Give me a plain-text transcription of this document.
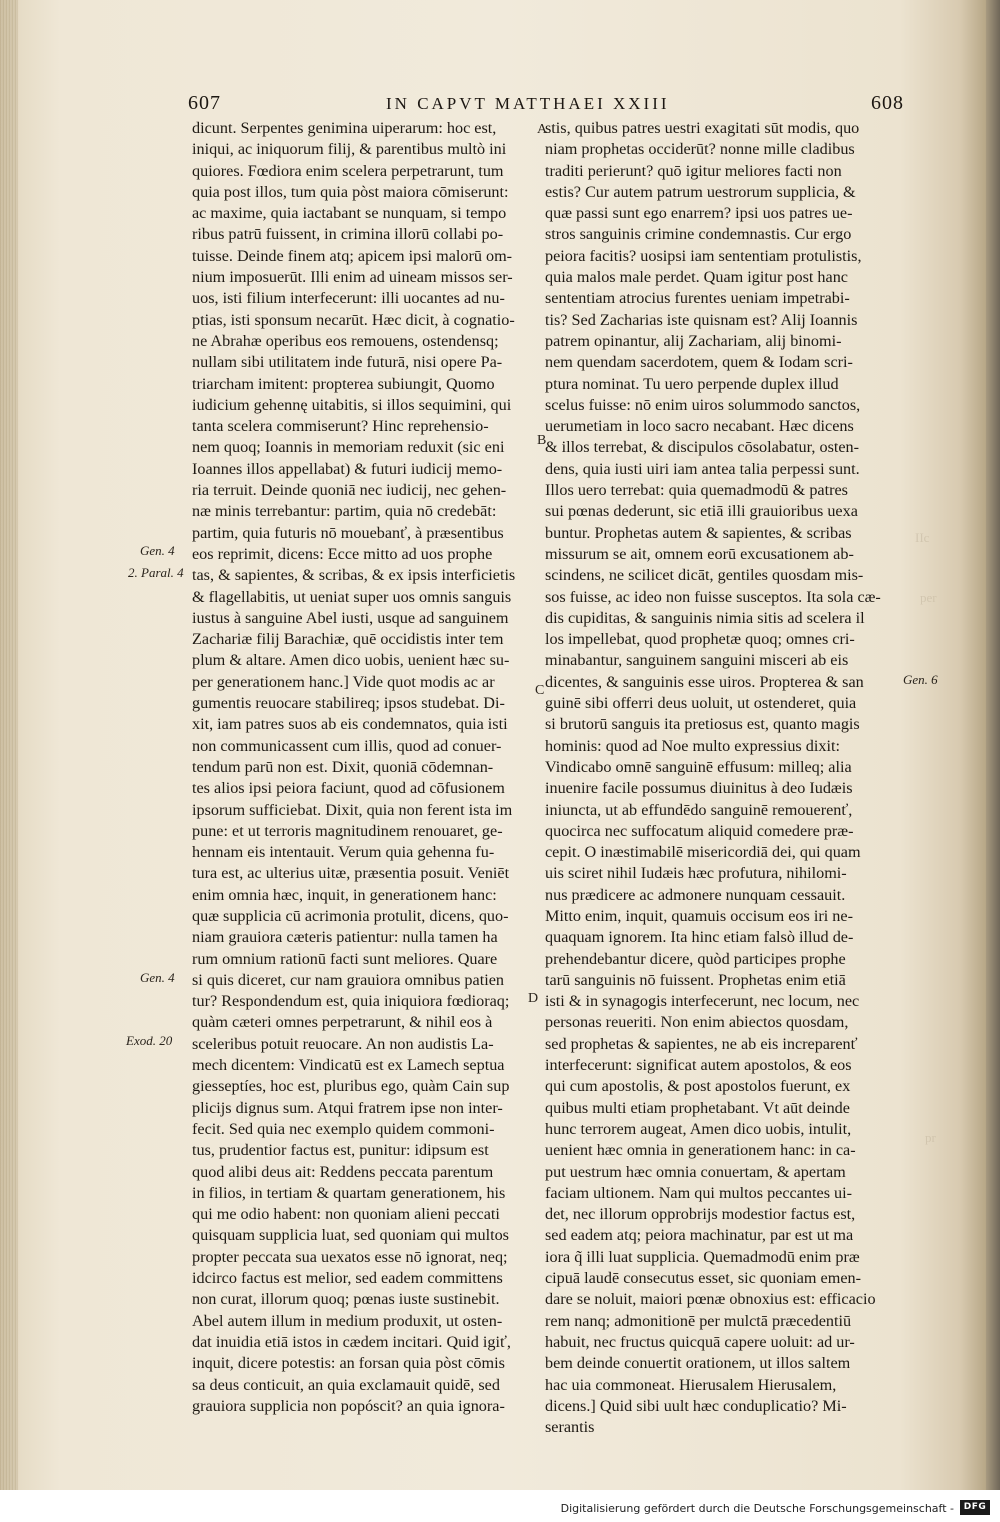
IIc
per
pr
607	IN CAPVT MATTHAEI XXIII	608
dicunt. Serpentes genimina uiperarum: hoc est,
iniqui, ac iniquorum filij, & parentibus multò ini
quiores. Fœdiora enim scelera perpetrarunt, tum
quia post illos, tum quia pòst maiora cōmiserunt:
ac maxime, quia iactabant se nunquam, si tempo
ribus patrū fuissent, in crimina illorū collabi po-
tuisse. Deinde finem atq; apicem ipsi malorū om-
nium imposuerūt. Illi enim ad uineam missos ser-
uos, isti filium interfecerunt: illi uocantes ad nu-
ptias, isti sponsum necarūt. Hæc dicit, à cognatio-
ne Abrahæ operibus eos remouens, ostendensq;
nullam sibi utilitatem inde futurā, nisi opere Pa-
triarcham imitent: propterea subiungit, Quomo
iudicium gehennę uitabitis, si illos sequimini, qui
tanta scelera commiserunt? Hinc reprehensio-
nem quoq; Ioannis in memoriam reduxit (sic eni
Ioannes illos appellabat) & futuri iudicij memo-
ria terruit. Deinde quoniā nec iudicij, nec gehen-
næ minis terrebantur: partim, quia nō credebāt:
partim, quia futuris nō mouebanť, à præsentibus
eos reprimit, dicens: Ecce mitto ad uos prophe
tas, & sapientes, & scribas, & ex ipsis interficietis
& flagellabitis, ut ueniat super uos omnis sanguis
iustus à sanguine Abel iusti, usque ad sanguinem
Zachariæ filij Barachiæ, quē occidistis inter tem
plum & altare. Amen dico uobis, uenient hæc su-
per generationem hanc.] Vide quot modis ac ar
gumentis reuocare stabilireq; ipsos studebat. Di-
xit, iam patres suos ab eis condemnatos, quia isti
non communicassent cum illis, quod ad conuer-
tendum parū non est. Dixit, quoniā cōdemnan-
tes alios ipsi peiora faciunt, quod ad cōfusionem
ipsorum sufficiebat. Dixit, quia non ferent ista im
pune: et ut terroris magnitudinem renouaret, ge-
hennam eis intentauit. Verum quia gehenna fu-
tura est, ac ulterius uitæ, præsentia posuit. Veniēt
enim omnia hæc, inquit, in generationem hanc:
quæ supplicia cū acrimonia protulit, dicens, quo-
niam grauiora cæteris patientur: nulla tamen ha
rum omnium rationū facti sunt meliores. Quare
si quis diceret, cur nam grauiora omnibus patien
tur? Respondendum est, quia iniquiora fœdioraq;
quàm cæteri omnes perpetrarunt, & nihil eos à
sceleribus potuit reuocare. An non audistis La-
mech dicentem: Vindicatū est ex Lamech septua
giesseptíes, hoc est, pluribus ego, quàm Cain sup
plicijs dignus sum. Atqui fratrem ipse non inter-
fecit. Sed quia nec exemplo quidem commoni-
tus, prudentior factus est, punitur: idipsum est
quod alibi deus ait: Reddens peccata parentum
in filios, in tertiam & quartam generationem, his
qui me odio habent: non quoniam alieni peccati
quisquam supplicia luat, sed quoniam qui multos
propter peccata sua uexatos esse nō ignorat, neq;
idcirco factus est melior, sed eadem committens
non curat, illorum quoq; pœnas iuste sustinebit.
Abel autem illum in medium produxit, ut osten-
dat inuidia etiā istos in cædem incitari. Quid igiť,
inquit, dicere potestis: an forsan quia pòst cōmis
sa deus conticuit, an quia exclamauit quidē, sed
grauiora supplicia non popóscit? an quia ignora-
stis, quibus patres uestri exagitati sūt modis, quo
niam prophetas occiderūt? nonne mille cladibus
traditi perierunt? quō igitur meliores facti non
estis? Cur autem patrum uestrorum supplicia, &
quæ passi sunt ego enarrem? ipsi uos patres ue-
stros sanguinis crimine condemnastis. Cur ergo
peiora facitis? uosipsi iam sententiam protulistis,
quia malos male perdet. Quam igitur post hanc
sententiam atrocius furentes ueniam impetrabi-
tis? Sed Zacharias iste quisnam est? Alij Ioannis
patrem opinantur, alij Zachariam, alij binomi-
nem quendam sacerdotem, quem & Iodam scri-
ptura nominat. Tu uero perpende duplex illud
scelus fuisse: nō enim uiros solummodo sanctos,
uerumetiam in loco sacro necabant. Hæc dicens
& illos terrebat, & discipulos cōsolabatur, osten-
dens, quia iusti uiri iam antea talia perpessi sunt.
Illos uero terrebat: quia quemadmodū & patres
sui pœnas dederunt, sic etiā illi grauioribus uexa
buntur. Prophetas autem & sapientes, & scribas
missurum se ait, omnem eorū excusationem ab-
scindens, ne scilicet dicāt, gentiles quosdam mis-
sos fuisse, ac ideo non fuisse susceptos. Ita sola cæ-
dis cupiditas, & sanguinis nimia sitis ad scelera il
los impellebat, quod prophetæ quoq; omnes cri-
minabantur, sanguinem sanguini misceri ab eis
dicentes, & sanguinis esse uiros. Propterea & san
guinē sibi offerri deus uoluit, ut ostenderet, quia
si brutorū sanguis ita pretiosus est, quanto magis
hominis: quod ad Noe multo expressius dixit:
Vindicabo omnē sanguinē effusum: milleq; alia
inuenire facile possumus diuinitus à deo Iudæis
iniuncta, ut ab effundēdo sanguinē remouerenť,
quocirca nec suffocatum aliquid comedere præ-
cepit. O inæstimabilē misericordiā dei, qui quam
uis sciret nihil Iudæis hæc profutura, nihilomi-
nus prædicere ac admonere nunquam cessauit.
Mitto enim, inquit, quamuis occisum eos iri ne-
quaquam ignorem. Ita hinc etiam falsò illud de-
prehendebantur dicere, quòd participes prophe
tarū sanguinis nō fuissent. Prophetas enim etiā
isti & in synagogis interfecerunt, nec locum, nec
personas reueriti. Non enim abiectos quosdam,
sed prophetas & sapientes, ne ab eis increparenť
interfecerunt: significat autem apostolos, & eos
qui cum apostolis, & post apostolos fuerunt, ex
quibus multi etiam prophetabant. Vt aūt deinde
hunc terrorem augeat, Amen dico uobis, intulit,
uenient hæc omnia in generationem hanc: in ca-
put uestrum hæc omnia conuertam, & apertam
faciam ultionem. Nam qui multos peccantes ui-
det, nec illorum opprobrijs modestior factus est,
sed eadem atq; peiora machinatur, par est ut ma
iora q̃ illi luat supplicia. Quemadmodū enim præ
cipuā laudē consecutus esset, sic quoniam emen-
dare se noluit, maiori pœnæ obnoxius est: efficacio
rem nanq; admonitionē per mulctā præcedentiū
habuit, nec fructus quicquā capere uoluit: ad ur-
bem deinde conuertit orationem, ut illos saltem
hac uia commoneat. Hierusalem Hierusalem,
dicens.] Quid sibi uult hæc conduplicatio? Mi-
serantis
Gen. 4
2. Paral. 4
Gen. 4
Exod. 20
Gen. 6
A
B
C
D
Digitalisierung gefördert durch die Deutsche Forschungsgemeinschaft -	DFG
